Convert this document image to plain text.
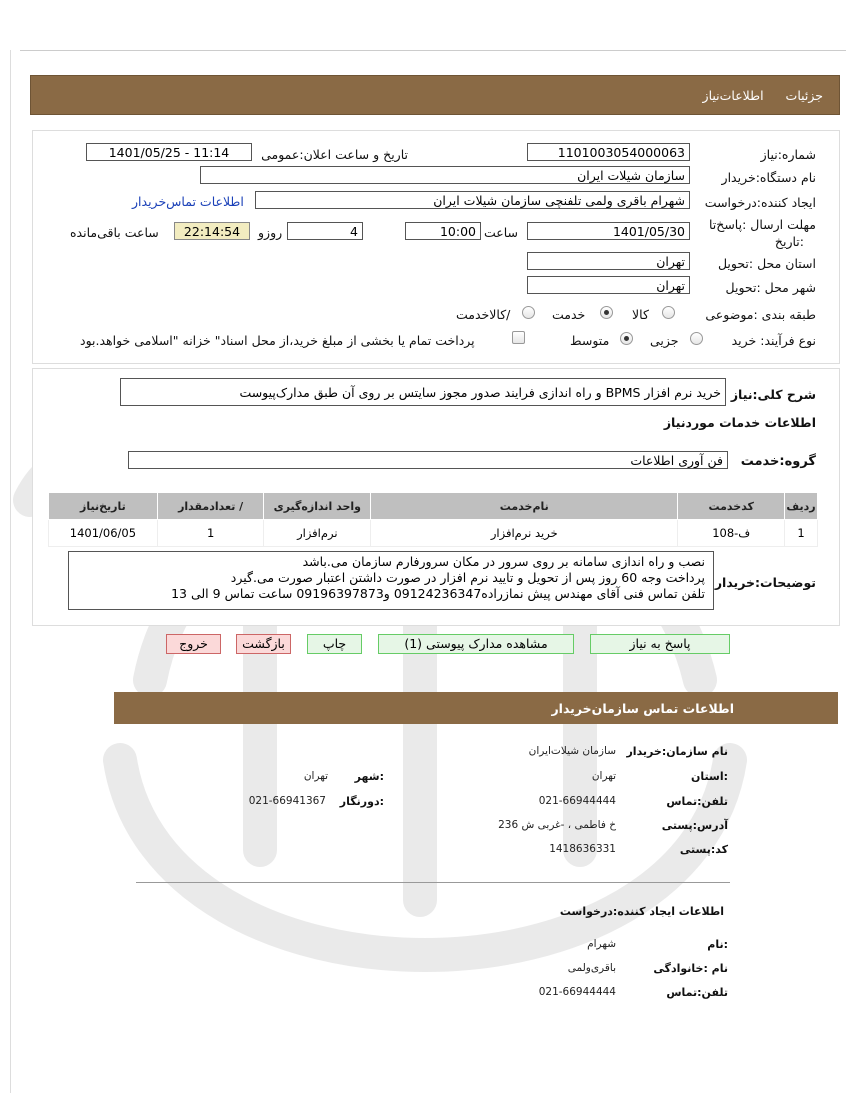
جزئیات اطلاعات‌نیاز
شماره:نیاز
1101003054000063
تاریخ و ساعت اعلان:عمومی
1401/05/25 - 11:14
نام دستگاه:خریدار
سازمان شیلات ایران
ایجاد کننده:درخواست
شهرام باقری ولمی تلفنچی سازمان شیلات ایران
اطلاعات تماس‌خریدار
مهلت ارسال :پاسخ‌تا
:تاریخ
1401/05/30
ساعت
10:00
4
روزو
22:14:54
ساعت باقی‌مانده
استان محل :تحویل
تهران
شهر محل :تحویل
تهران
طبقه بندی :موضوعی
کالا
خدمت
/کالاخدمت
نوع فرآیند: خرید
جزیی
متوسط
پرداخت تمام یا بخشی از مبلغ خرید،از محل اسناد" خزانه "اسلامی خواهد.بود
شرح کلی:نیاز
خرید نرم افزار BPMS و راه اندازی فرایند صدور مجوز سایتس بر روی آن طبق مدارک‌پیوست
اطلاعات خدمات موردنیاز
گروه:خدمت
فن آوری اطلاعات
ردیف	کدخدمت	نام‌خدمت	واحد اندازه‌گیری	/ تعدادمقدار	تاریخ‌نیاز
1	ف-108	خرید نرم‌افزار	نرم‌افزار	1	1401/06/05
توضیحات:خریدار
نصب و راه اندازی سامانه بر روی سرور در مکان سرورفارم سازمان می.باشد
پرداخت وجه 60 روز پس از تحویل و تایید نرم افزار در صورت داشتن اعتبار صورت می.گیرد
تلفن تماس فنی آقای مهندس پیش نمازراده09124236347 و09196397873 ساعت تماس 9 الی 13
پاسخ به نیاز
مشاهده مدارک پیوستی (1)
چاپ
بازگشت
خروج
اطلاعات تماس سازمان‌خریدار
نام سازمان:خریدار
سازمان شیلات‌ایران
:استان
تهران
:شهر
تهران
تلفن:تماس
021-66944444
:دورنگار
021-66941367
آدرس:پستی
خ فاطمی ، -غربی ش 236
کد:پستی
1418636331
اطلاعات ایجاد کننده:درخواست
:نام
شهرام
نام :خانوادگی
باقری‌ولمی
تلفن:تماس
021-66944444
